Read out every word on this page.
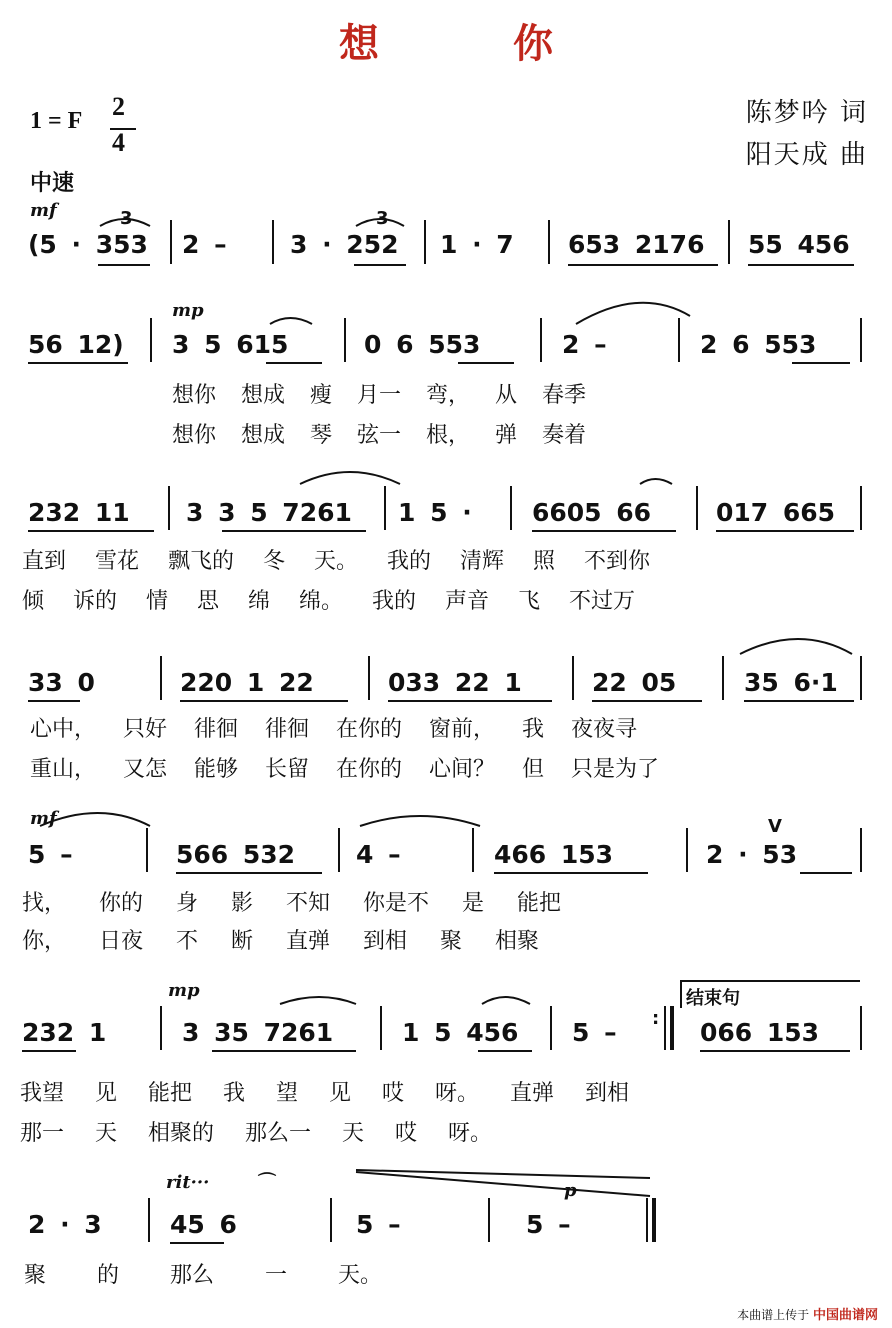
想 你
1 = F 2
4
陈梦吟 词
阳天成 曲
中速
mf	3	3
(5 · 353 2 –	3 · 252 1 · 7 653 2176 55 456
mp
56 12) 3 5 615	0 6 553	2 –	2 6 553
想你 想成 瘦 月一 弯， 从 春季
想你 想成 琴 弦一 根， 弹 奏着
232 11 3 3 5 7261 1 5 · 6605 66	017 665
直到 雪花 飘飞的 冬 天。 我的 清辉 照 不到你
倾 诉的 情 思 绵 绵。 我的 声音 飞 不过万
33 0	220 1 22	033 22 1	22 05	35 6·1
心中， 只好 徘徊 徘徊 在你的 窗前， 我 夜夜寻
重山， 又怎 能够 长留 在你的 心间？ 但 只是为了
mf	V
5 –	566 532 4 –	466 153	2 · 53
找， 你的 身 影 不知 你是不 是 能把
你， 日夜 不 断 直弹 到相 聚 相聚
mp	结束句
232 1	3 35 7261	1 5 456 5 –	066 153
:
我望 见 能把 我 望 见 哎 呀。 直弹 到相
那一 天 相聚的 那么一 天 哎 呀。
rit···	⌒	p
2 · 3	45 6	5 –	5 –
聚 的 那么 一 天。
本曲谱上传于 中国曲谱网
